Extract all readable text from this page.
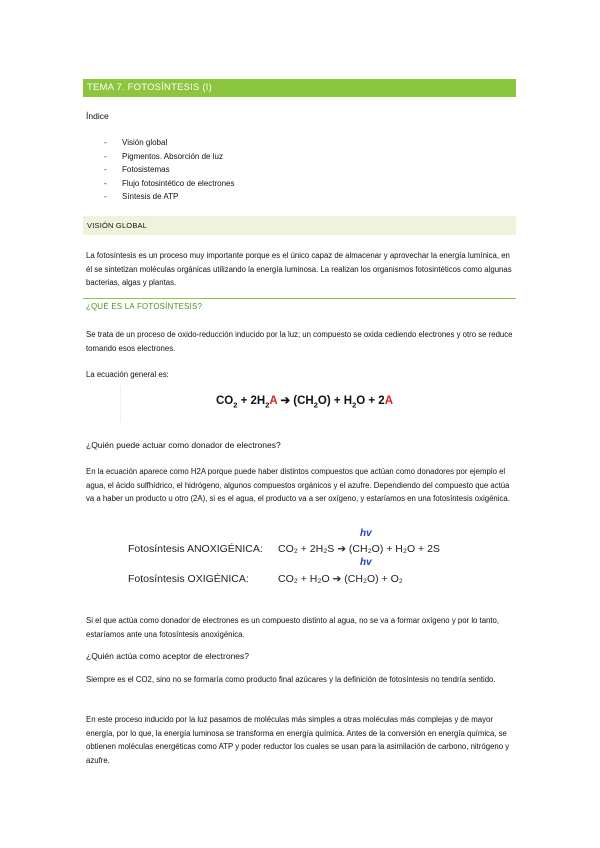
TEMA 7. FOTOSÍNTESIS (I)
Índice
- Visión global
- Pigmentos. Absorción de luz
- Fotosistemas
- Flujo fotosintético de electrones
- Síntesis de ATP
VISIÓN GLOBAL

La fotosíntesis es un proceso muy importante porque es el único capaz de almacenar y aprovechar la energía lumínica, en él se sintetizan moléculas orgánicas utilizando la energía luminosa. La realizan los organismos fotosintéticos como algunas bacterias, algas y plantas.

¿QUÉ ES LA FOTOSÍNTESIS?

Se trata de un proceso de oxido-reducción inducido por la luz; un compuesto se oxida cediendo electrones y otro se reduce tomando esos electrones.

La ecuación general es:

$CO_2 + 2H_2A$ ➔ $(CH_2O) + H_2O + 2A$
¿Quién puede actuar como donador de electrones?

En la ecuación aparece como H2A porque puede haber distintos compuestos que actúan como donadores por ejemplo el agua, el ácido sulfhídrico, el hidrógeno, algunos compuestos orgánicos y el azufre. Dependiendo del compuesto que actúa va a haber un producto u otro (2A), si es el agua, el producto va a ser oxígeno, y estaríamos en una fotosíntesis oxigénica.

hv
Fotosíntesis ANOXIGÉNICA: CO₂ + 2H₂S ➔ (CH₂O) + H₂O + 2S
hv
Fotosíntesis OXIGÉNICA:	CO₂ + H₂O ➔ (CH₂O) + O₂

Si el que actúa como donador de electrones es un compuesto distinto al agua, no se va a formar oxígeno y por lo tanto, estaríamos ante una fotosíntesis anoxigénica.

¿Quién actúa como aceptor de electrones?

Siempre es el CO2, sino no se formaría como producto final azúcares y la definición de fotosíntesis no tendría sentido.

En este proceso inducido por la luz pasamos de moléculas más simples a otras moléculas más complejas y de mayor energía, por lo que, la energía luminosa se transforma en energía química. Antes de la conversión en energía química, se obtienen moléculas energéticas como ATP y poder reductor los cuales se usan para la asimilación de carbono, nitrógeno y azufre.
